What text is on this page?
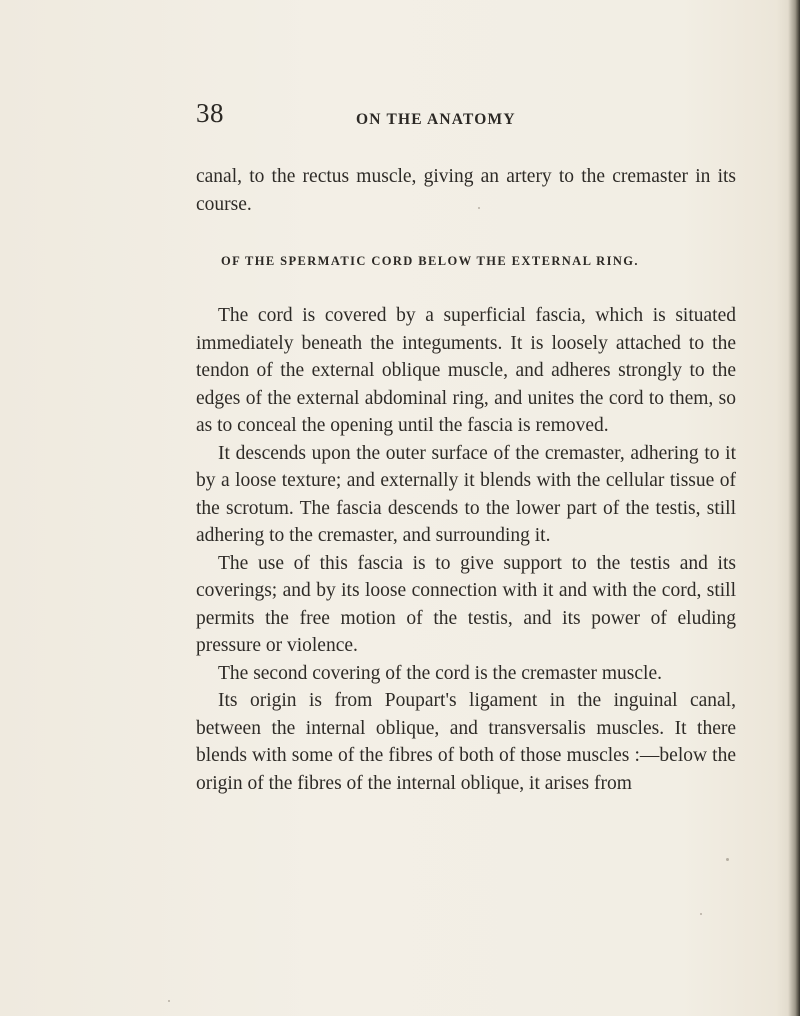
38	ON THE ANATOMY
canal, to the rectus muscle, giving an artery to the cremaster in its course.
OF THE SPERMATIC CORD BELOW THE EXTERNAL RING.

The cord is covered by a superficial fascia, which is situated immediately beneath the integuments. It is loosely attached to the tendon of the external oblique muscle, and adheres strongly to the edges of the external abdominal ring, and unites the cord to them, so as to conceal the opening until the fascia is removed.

It descends upon the outer surface of the cremaster, adhering to it by a loose texture; and externally it blends with the cellular tissue of the scrotum. The fascia descends to the lower part of the testis, still adhering to the cremaster, and surrounding it.

The use of this fascia is to give support to the testis and its coverings; and by its loose connection with it and with the cord, still permits the free motion of the testis, and its power of eluding pressure or violence.

The second covering of the cord is the cremaster muscle.

Its origin is from Poupart's ligament in the inguinal canal, between the internal oblique, and transversalis muscles. It there blends with some of the fibres of both of those muscles :—below the origin of the fibres of the internal oblique, it arises from
